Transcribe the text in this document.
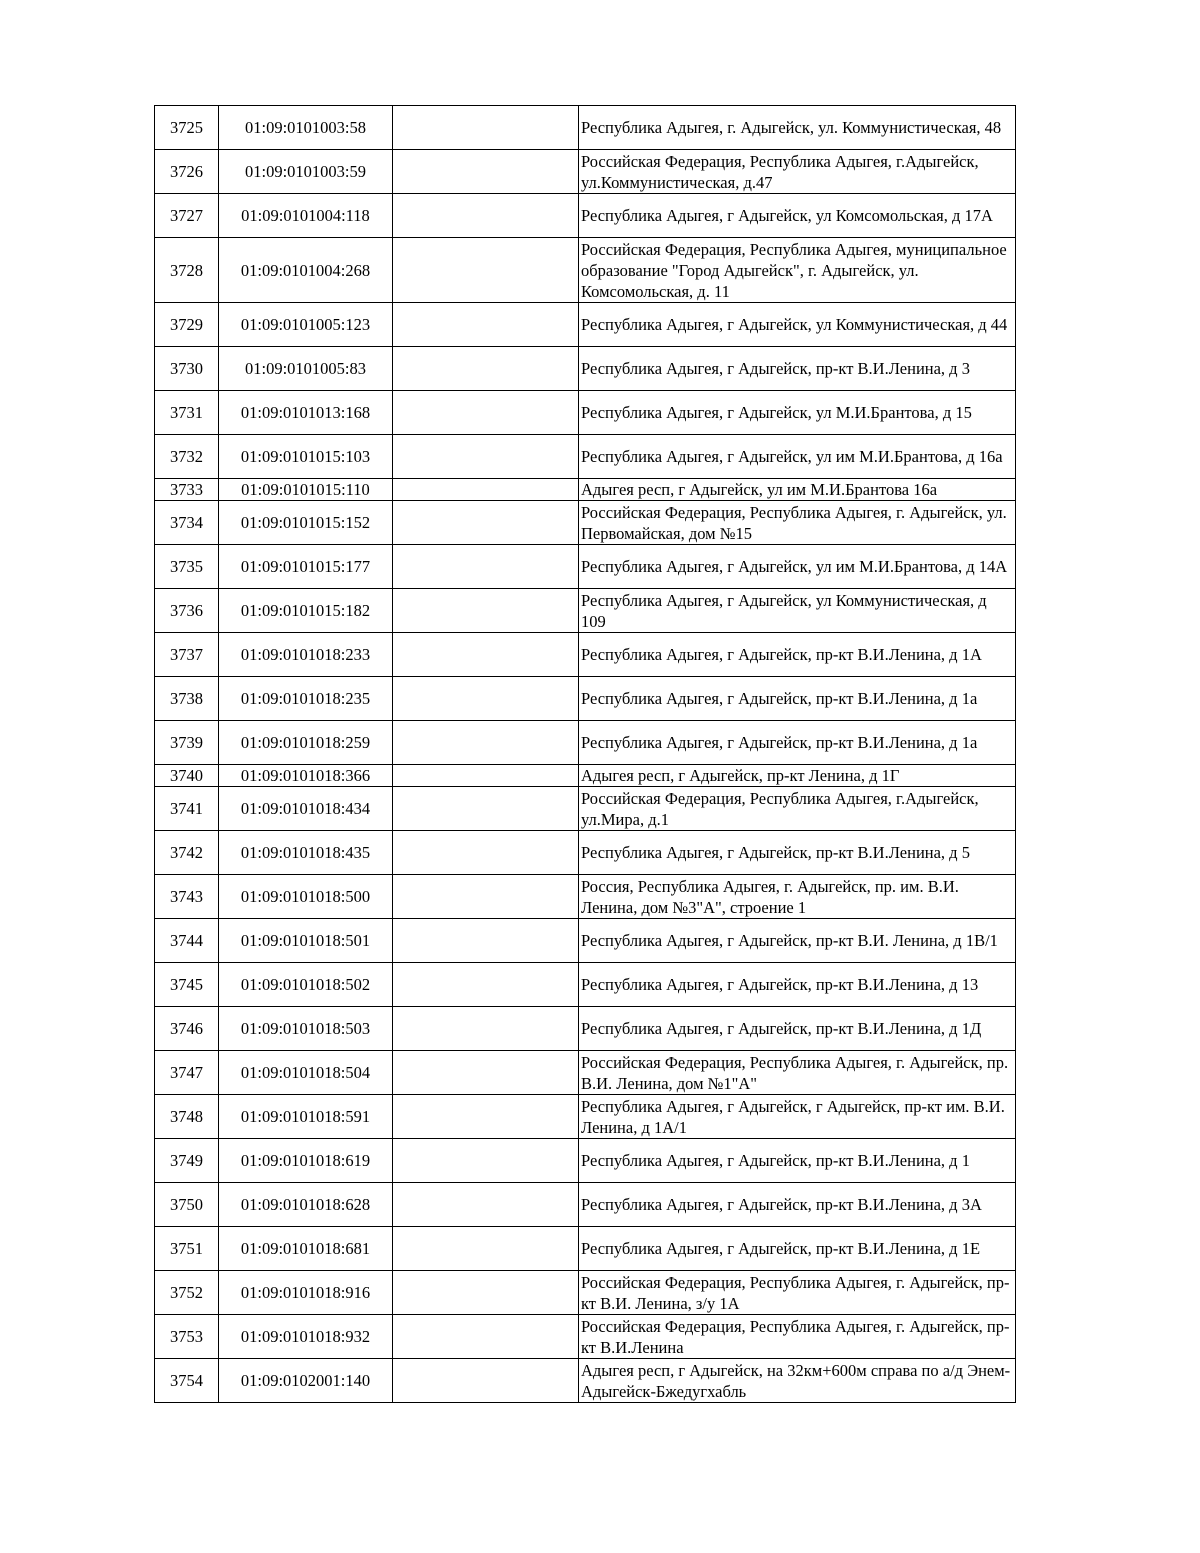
3725	01:09:0101003:58		Республика Адыгея, г. Адыгейск, ул. Коммунистическая, 48
3726	01:09:0101003:59		Российская Федерация, Республика Адыгея, г.Адыгейск, ул.Коммунистическая, д.47
3727	01:09:0101004:118		Республика Адыгея, г Адыгейск, ул Комсомольская, д 17А
3728	01:09:0101004:268		Российская Федерация, Республика Адыгея, муниципальное образование "Город Адыгейск", г. Адыгейск, ул. Комсомольская, д. 11
3729	01:09:0101005:123		Республика Адыгея, г Адыгейск, ул Коммунистическая, д 44
3730	01:09:0101005:83		Республика Адыгея, г Адыгейск, пр-кт В.И.Ленина, д 3
3731	01:09:0101013:168		Республика Адыгея, г Адыгейск, ул М.И.Брантова, д 15
3732	01:09:0101015:103		Республика Адыгея, г Адыгейск, ул им М.И.Брантова, д 16а
3733	01:09:0101015:110		Адыгея респ, г Адыгейск, ул им М.И.Брантова 16а
3734	01:09:0101015:152		Российская Федерация, Республика Адыгея, г. Адыгейск, ул. Первомайская, дом №15
3735	01:09:0101015:177		Республика Адыгея, г Адыгейск, ул им М.И.Брантова, д 14А
3736	01:09:0101015:182		Республика Адыгея, г Адыгейск, ул Коммунистическая, д 109
3737	01:09:0101018:233		Республика Адыгея, г Адыгейск, пр-кт В.И.Ленина, д 1А
3738	01:09:0101018:235		Республика Адыгея, г Адыгейск, пр-кт В.И.Ленина, д 1а
3739	01:09:0101018:259		Республика Адыгея, г Адыгейск, пр-кт В.И.Ленина, д 1а
3740	01:09:0101018:366		Адыгея респ, г Адыгейск, пр-кт Ленина, д 1Г
3741	01:09:0101018:434		Российская Федерация, Республика Адыгея, г.Адыгейск, ул.Мира, д.1
3742	01:09:0101018:435		Республика Адыгея, г Адыгейск, пр-кт В.И.Ленина, д 5
3743	01:09:0101018:500		Россия, Республика Адыгея, г. Адыгейск, пр. им. В.И. Ленина, дом №3"А", строение 1
3744	01:09:0101018:501		Республика Адыгея, г Адыгейск, пр-кт В.И. Ленина, д 1В/1
3745	01:09:0101018:502		Республика Адыгея, г Адыгейск, пр-кт В.И.Ленина, д 13
3746	01:09:0101018:503		Республика Адыгея, г Адыгейск, пр-кт В.И.Ленина, д 1Д
3747	01:09:0101018:504		Российская Федерация, Республика Адыгея, г. Адыгейск, пр. В.И. Ленина, дом №1"А"
3748	01:09:0101018:591		Республика Адыгея, г Адыгейск, г Адыгейск, пр-кт им. В.И. Ленина, д 1А/1
3749	01:09:0101018:619		Республика Адыгея, г Адыгейск, пр-кт В.И.Ленина, д 1
3750	01:09:0101018:628		Республика Адыгея, г Адыгейск, пр-кт В.И.Ленина, д 3А
3751	01:09:0101018:681		Республика Адыгея, г Адыгейск, пр-кт В.И.Ленина, д 1Е
3752	01:09:0101018:916		Российская Федерация, Республика Адыгея, г. Адыгейск, пр-кт В.И. Ленина, з/у 1А
3753	01:09:0101018:932		Российская Федерация, Республика Адыгея, г. Адыгейск, пр-кт В.И.Ленина
3754	01:09:0102001:140		Адыгея респ, г Адыгейск, на 32км+600м справа по а/д Энем-Адыгейск-Бжедугхабль
